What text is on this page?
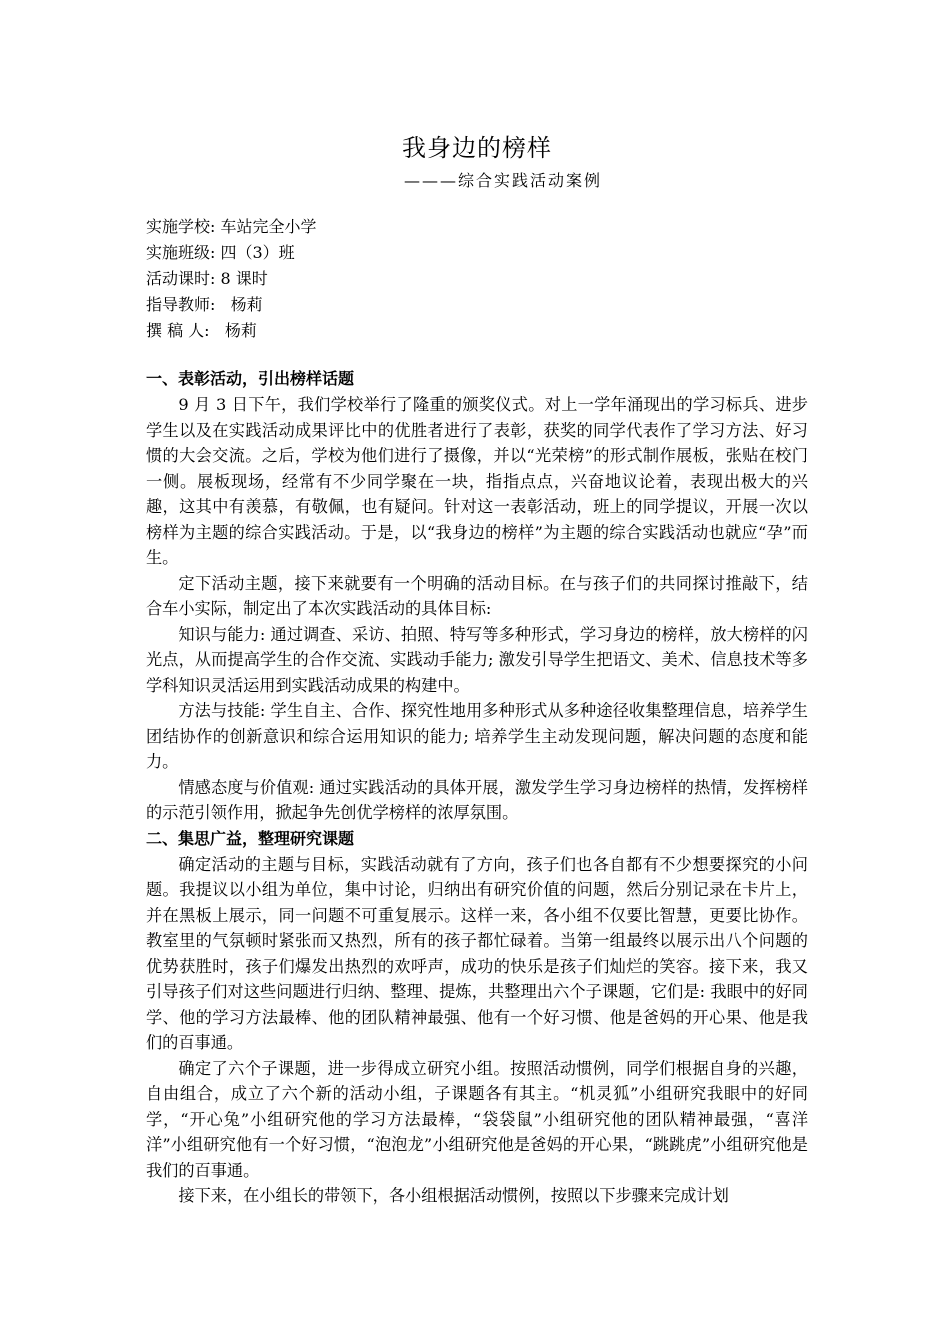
我身边的榜样
———综合实践活动案例

实施学校: 车站完全小学

实施班级: 四（3）班

活动课时: 8 课时

指导教师:   杨莉

撰 稿 人:   杨莉

一、表彰活动，引出榜样话题

9 月 3 日下午，我们学校举行了隆重的颁奖仪式。对上一学年涌现出的学习标兵、进步学生以及在实践活动成果评比中的优胜者进行了表彰，获奖的同学代表作了学习方法、好习惯的大会交流。之后，学校为他们进行了摄像，并以“光荣榜”的形式制作展板，张贴在校门一侧。展板现场，经常有不少同学聚在一块，指指点点，兴奋地议论着，表现出极大的兴趣，这其中有羡慕，有敬佩，也有疑问。针对这一表彰活动，班上的同学提议，开展一次以榜样为主题的综合实践活动。于是，以“我身边的榜样”为主题的综合实践活动也就应“孕”而生。

定下活动主题，接下来就要有一个明确的活动目标。在与孩子们的共同探讨推敲下，结合车小实际，制定出了本次实践活动的具体目标:

知识与能力: 通过调查、采访、拍照、特写等多种形式，学习身边的榜样，放大榜样的闪光点，从而提高学生的合作交流、实践动手能力; 激发引导学生把语文、美术、信息技术等多学科知识灵活运用到实践活动成果的构建中。

方法与技能: 学生自主、合作、探究性地用多种形式从多种途径收集整理信息，培养学生团结协作的创新意识和综合运用知识的能力; 培养学生主动发现问题，解决问题的态度和能力。

情感态度与价值观: 通过实践活动的具体开展，激发学生学习身边榜样的热情，发挥榜样的示范引领作用，掀起争先创优学榜样的浓厚氛围。

二、集思广益，整理研究课题

确定活动的主题与目标，实践活动就有了方向，孩子们也各自都有不少想要探究的小问题。我提议以小组为单位，集中讨论，归纳出有研究价值的问题，然后分别记录在卡片上，并在黑板上展示，同一问题不可重复展示。这样一来，各小组不仅要比智慧，更要比协作。教室里的气氛顿时紧张而又热烈，所有的孩子都忙碌着。当第一组最终以展示出八个问题的优势获胜时，孩子们爆发出热烈的欢呼声，成功的快乐是孩子们灿烂的笑容。接下来，我又引导孩子们对这些问题进行归纳、整理、提炼，共整理出六个子课题，它们是: 我眼中的好同学、他的学习方法最棒、他的团队精神最强、他有一个好习惯、他是爸妈的开心果、他是我们的百事通。

确定了六个子课题，进一步得成立研究小组。按照活动惯例，同学们根据自身的兴趣，自由组合，成立了六个新的活动小组，子课题各有其主。“机灵狐”小组研究我眼中的好同学，“开心兔”小组研究他的学习方法最棒，“袋袋鼠”小组研究他的团队精神最强，“喜洋洋”小组研究他有一个好习惯，“泡泡龙”小组研究他是爸妈的开心果，“跳跳虎”小组研究他是我们的百事通。

接下来，在小组长的带领下，各小组根据活动惯例，按照以下步骤来完成计划
